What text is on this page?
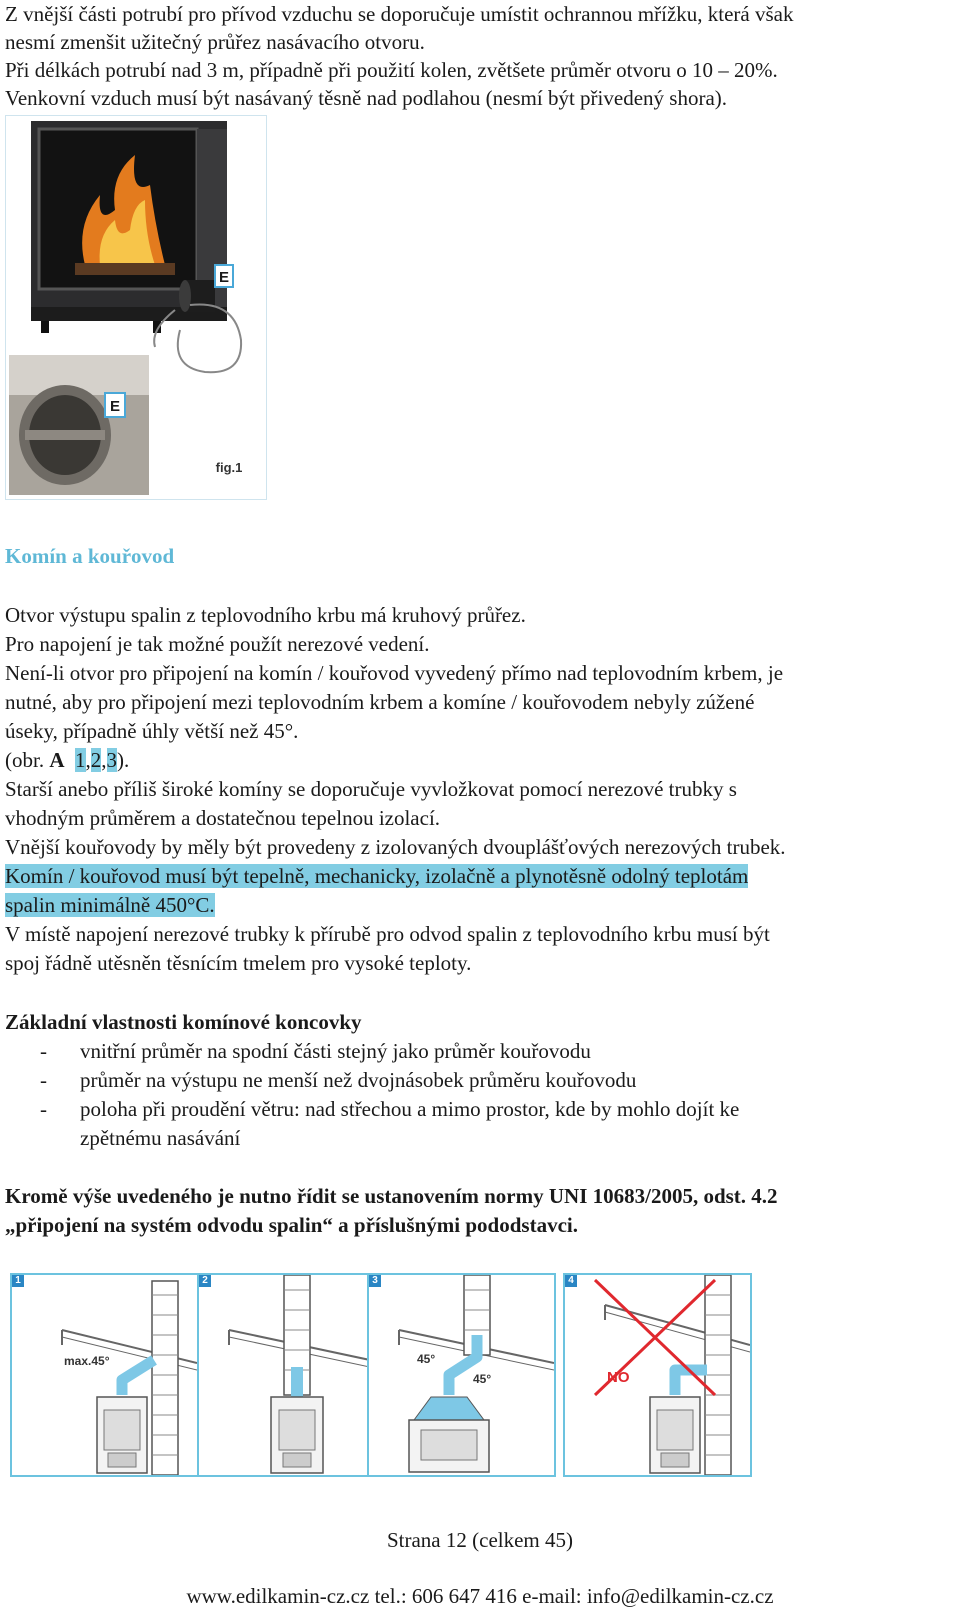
Z vnější části potrubí pro přívod vzduchu se doporučuje umístit ochrannou mřížku, která však
nesmí zmenšit užitečný průřez nasávacího otvoru.
Při délkách potrubí nad 3 m, případně při použití kolen, zvětšete průměr otvoru o 10 – 20%.
Venkovní vzduch musí být nasávaný těsně nad podlahou (nesmí být přivedený shora).
E
E
fig.1
Komín a kouřovod
Otvor výstupu spalin z teplovodního krbu má kruhový průřez.
Pro napojení je tak možné použít nerezové vedení.
Není-li otvor pro připojení na komín / kouřovod vyvedený přímo nad teplovodním krbem, je
nutné, aby pro připojení mezi teplovodním krbem a komíne / kouřovodem nebyly zúžené
úseky, případně úhly větší než 45°.
(obr. A 1,2,3).
Starší anebo příliš široké komíny se doporučuje vyvložkovat pomocí nerezové trubky s
vhodným průměrem a dostatečnou tepelnou izolací.
Vnější kouřovody by měly být provedeny z izolovaných dvouplášťových nerezových trubek.
Komín / kouřovod musí být tepelně, mechanicky, izolačně a plynotěsně odolný teplotám
spalin minimálně 450°C.
V místě napojení nerezové trubky k přírubě pro odvod spalin z teplovodního krbu musí být
spoj řádně utěsněn těsnícím tmelem pro vysoké teploty.
Základní vlastnosti komínové koncovky
- vnitřní průměr na spodní části stejný jako průměr kouřovodu
- průměr na výstupu ne menší než dvojnásobek průměru kouřovodu
- poloha při proudění větru: nad střechou a mimo prostor, kde by mohlo dojít ke
zpětnému nasávání
Kromě výše uvedeného je nutno řídit se ustanovením normy UNI 10683/2005, odst. 4.2
„připojení na systém odvodu spalin“ a příslušnými pododstavci.
1
max.45°
2	3
45°
45°
4
NO
Strana 12 (celkem 45)
www.edilkamin-cz.cz tel.: 606 647 416 e-mail: info@edilkamin-cz.cz
